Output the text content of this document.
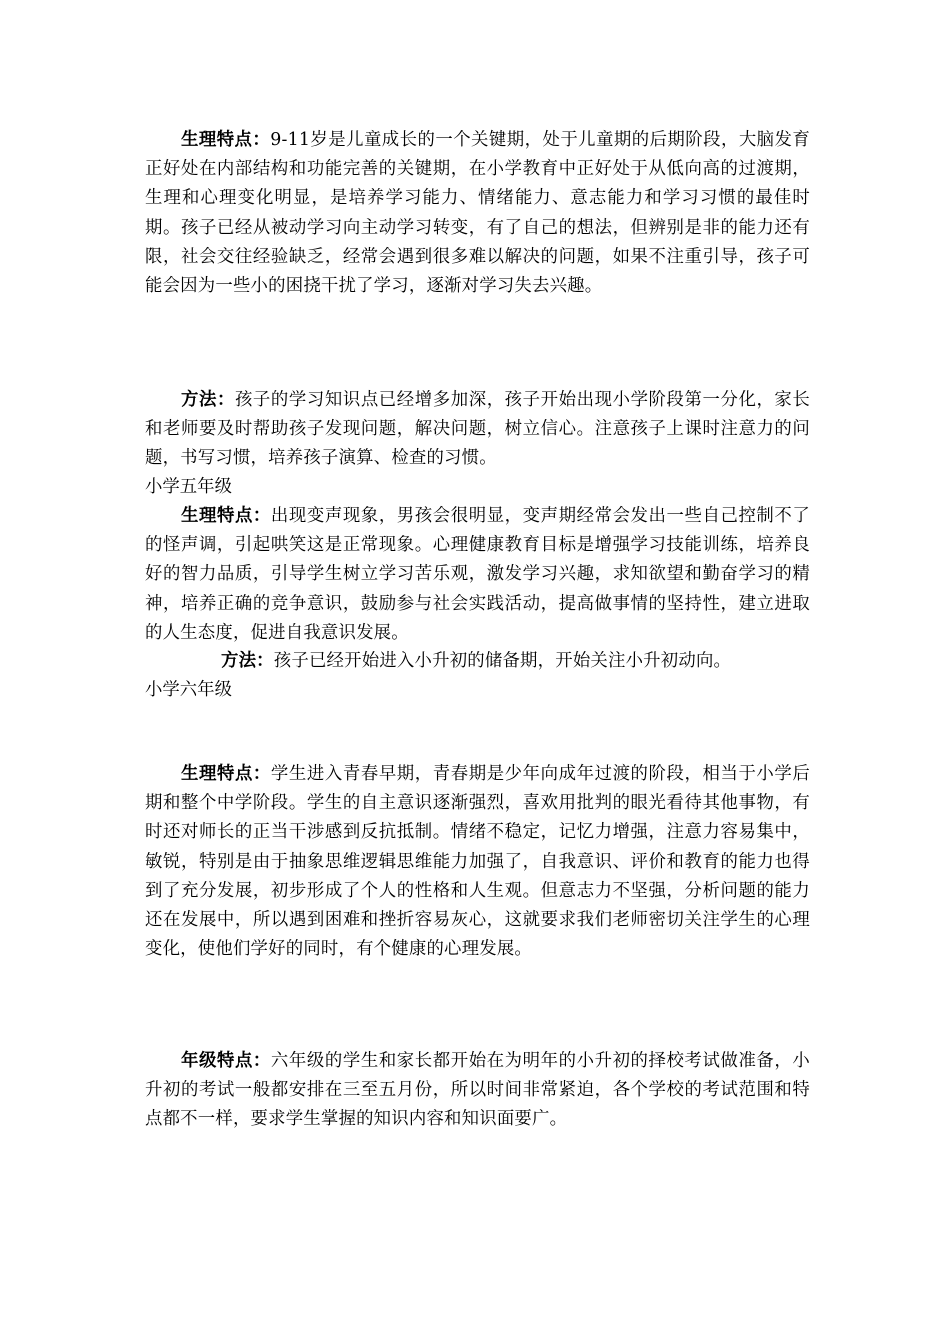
生理特点：9-11岁是儿童成长的一个关键期，处于儿童期的后期阶段，大脑发育正好处在内部结构和功能完善的关键期，在小学教育中正好处于从低向高的过渡期，生理和心理变化明显，是培养学习能力、情绪能力、意志能力和学习习惯的最佳时期。孩子已经从被动学习向主动学习转变，有了自己的想法，但辨别是非的能力还有限，社会交往经验缺乏，经常会遇到很多难以解决的问题，如果不注重引导，孩子可能会因为一些小的困挠干扰了学习，逐渐对学习失去兴趣。

方法：孩子的学习知识点已经增多加深，孩子开始出现小学阶段第一分化，家长和老师要及时帮助孩子发现问题，解决问题，树立信心。注意孩子上课时注意力的问题，书写习惯，培养孩子演算、检查的习惯。

小学五年级

生理特点：出现变声现象，男孩会很明显，变声期经常会发出一些自己控制不了的怪声调，引起哄笑这是正常现象。心理健康教育目标是增强学习技能训练，培养良好的智力品质，引导学生树立学习苦乐观，激发学习兴趣，求知欲望和勤奋学习的精神，培养正确的竞争意识，鼓励参与社会实践活动，提高做事情的坚持性，建立进取的人生态度，促进自我意识发展。

方法：孩子已经开始进入小升初的储备期，开始关注小升初动向。

小学六年级

生理特点：学生进入青春早期，青春期是少年向成年过渡的阶段，相当于小学后期和整个中学阶段。学生的自主意识逐渐强烈，喜欢用批判的眼光看待其他事物，有时还对师长的正当干涉感到反抗抵制。情绪不稳定，记忆力增强，注意力容易集中，敏锐，特别是由于抽象思维逻辑思维能力加强了，自我意识、评价和教育的能力也得到了充分发展，初步形成了个人的性格和人生观。但意志力不坚强，分析问题的能力还在发展中，所以遇到困难和挫折容易灰心，这就要求我们老师密切关注学生的心理变化，使他们学好的同时，有个健康的心理发展。

年级特点：六年级的学生和家长都开始在为明年的小升初的择校考试做准备，小升初的考试一般都安排在三至五月份，所以时间非常紧迫，各个学校的考试范围和特点都不一样，要求学生掌握的知识内容和知识面要广。
